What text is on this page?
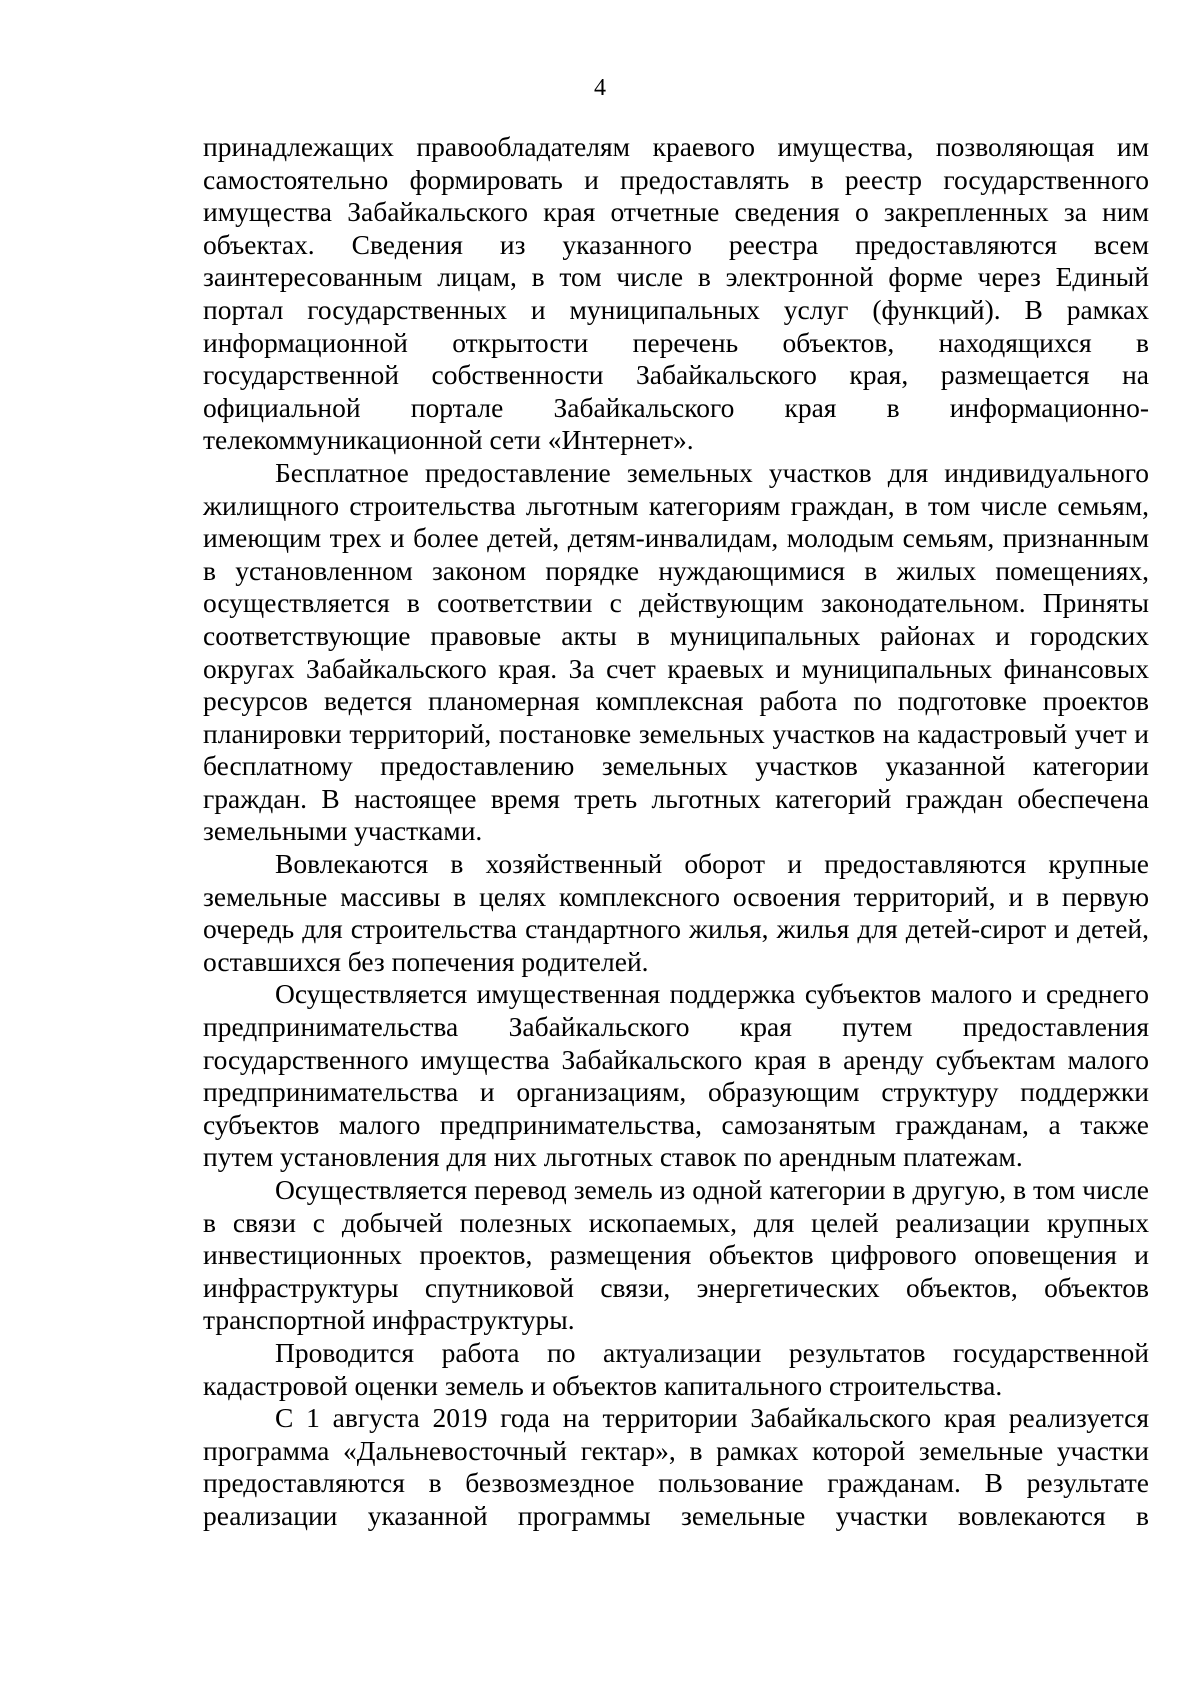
4

принадлежащих правообладателям краевого имущества, позволяющая им самостоятельно формировать и предоставлять в реестр государственного имущества Забайкальского края отчетные сведения о закрепленных за ним объектах. Сведения из указанного реестра предоставляются всем заинтересованным лицам, в том числе в электронной форме через Единый портал государственных и муниципальных услуг (функций). В рамках информационной открытости перечень объектов, находящихся в государственной собственности Забайкальского края, размещается на официальной портале Забайкальского края в информационно-телекоммуникационной сети «Интернет».

Бесплатное предоставление земельных участков для индивидуального жилищного строительства льготным категориям граждан, в том числе семьям, имеющим трех и более детей, детям-инвалидам, молодым семьям, признанным в установленном законом порядке нуждающимися в жилых помещениях, осуществляется в соответствии с действующим законодательном. Приняты соответствующие правовые акты в муниципальных районах и городских округах Забайкальского края. За счет краевых и муниципальных финансовых ресурсов ведется планомерная комплексная работа по подготовке проектов планировки территорий, постановке земельных участков на кадастровый учет и бесплатному предоставлению земельных участков указанной категории граждан. В настоящее время треть льготных категорий граждан обеспечена земельными участками.

Вовлекаются в хозяйственный оборот и предоставляются крупные земельные массивы в целях комплексного освоения территорий, и в первую очередь для строительства стандартного жилья, жилья для детей-сирот и детей, оставшихся без попечения родителей.

Осуществляется имущественная поддержка субъектов малого и среднего предпринимательства Забайкальского края путем предоставления государственного имущества Забайкальского края в аренду субъектам малого предпринимательства и организациям, образующим структуру поддержки субъектов малого предпринимательства, самозанятым гражданам, а также путем установления для них льготных ставок по арендным платежам.

Осуществляется перевод земель из одной категории в другую, в том числе в связи с добычей полезных ископаемых, для целей реализации крупных инвестиционных проектов, размещения объектов цифрового оповещения и инфраструктуры спутниковой связи, энергетических объектов, объектов транспортной инфраструктуры.

Проводится работа по актуализации результатов государственной кадастровой оценки земель и объектов капитального строительства.

С 1 августа 2019 года на территории Забайкальского края реализуется программа «Дальневосточный гектар», в рамках которой земельные участки предоставляются в безвозмездное пользование гражданам. В результате реализации указанной программы земельные участки вовлекаются в
